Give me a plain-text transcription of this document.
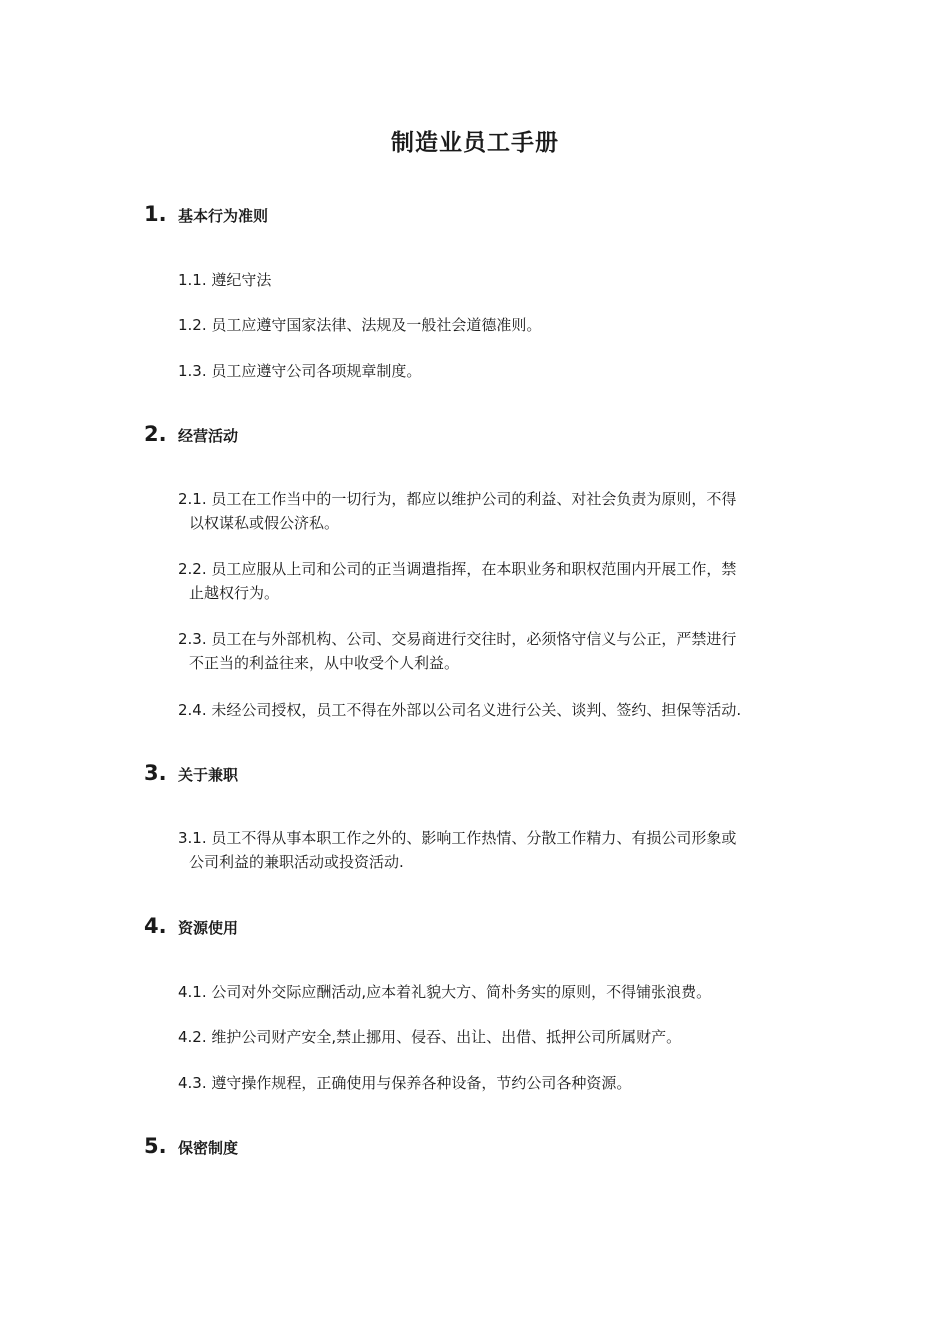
制造业员工手册
1. 基本行为准则
1.1. 遵纪守法
1.2. 员工应遵守国家法律、法规及一般社会道德准则。
1.3. 员工应遵守公司各项规章制度。
2. 经营活动
2.1. 员工在工作当中的一切行为，都应以维护公司的利益、对社会负责为原则，不得
以权谋私或假公济私。
2.2. 员工应服从上司和公司的正当调遣指挥，在本职业务和职权范围内开展工作，禁
止越权行为。
2.3. 员工在与外部机构、公司、交易商进行交往时，必须恪守信义与公正，严禁进行
不正当的利益往来，从中收受个人利益。
2.4. 未经公司授权，员工不得在外部以公司名义进行公关、谈判、签约、担保等活动.
3. 关于兼职
3.1. 员工不得从事本职工作之外的、影响工作热情、分散工作精力、有损公司形象或
公司利益的兼职活动或投资活动.
4. 资源使用
4.1. 公司对外交际应酬活动,应本着礼貌大方、简朴务实的原则，不得铺张浪费。
4.2. 维护公司财产安全,禁止挪用、侵吞、出让、出借、抵押公司所属财产。
4.3. 遵守操作规程，正确使用与保养各种设备，节约公司各种资源。
5. 保密制度
